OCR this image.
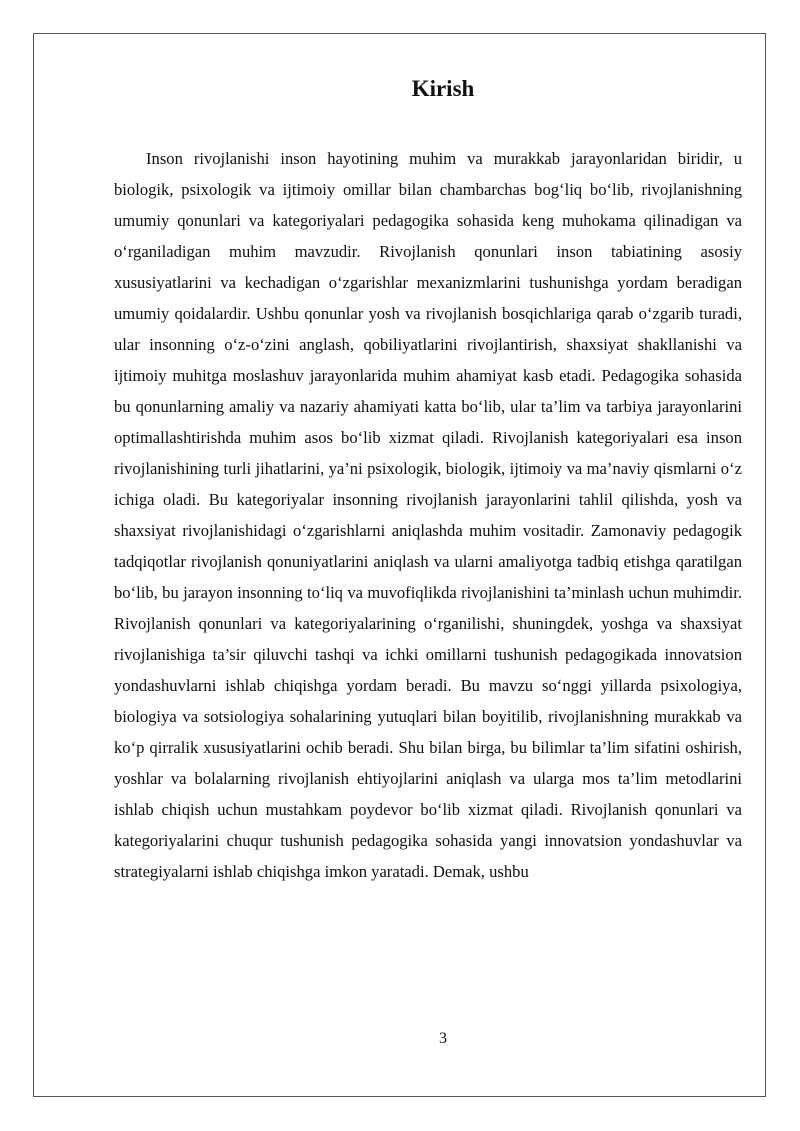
Kirish

Inson rivojlanishi inson hayotining muhim va murakkab jarayonlaridan biridir, u biologik, psixologik va ijtimoiy omillar bilan chambarchas bog‘liq bo‘lib, rivojlanishning umumiy qonunlari va kategoriyalari pedagogika sohasida keng muhokama qilinadigan va o‘rganiladigan muhim mavzudir. Rivojlanish qonunlari inson tabiatining asosiy xususiyatlarini va kechadigan o‘zgarishlar mexanizmlarini tushunishga yordam beradigan umumiy qoidalardir. Ushbu qonunlar yosh va rivojlanish bosqichlariga qarab o‘zgarib turadi, ular insonning o‘z-o‘zini anglash, qobiliyatlarini rivojlantirish, shaxsiyat shakllanishi va ijtimoiy muhitga moslashuv jarayonlarida muhim ahamiyat kasb etadi. Pedagogika sohasida bu qonunlarning amaliy va nazariy ahamiyati katta bo‘lib, ular ta’lim va tarbiya jarayonlarini optimallashtirishda muhim asos bo‘lib xizmat qiladi. Rivojlanish kategoriyalari esa inson rivojlanishining turli jihatlarini, ya’ni psixologik, biologik, ijtimoiy va ma’naviy qismlarni o‘z ichiga oladi. Bu kategoriyalar insonning rivojlanish jarayonlarini tahlil qilishda, yosh va shaxsiyat rivojlanishidagi o‘zgarishlarni aniqlashda muhim vositadir. Zamonaviy pedagogik tadqiqotlar rivojlanish qonuniyatlarini aniqlash va ularni amaliyotga tadbiq etishga qaratilgan bo‘lib, bu jarayon insonning to‘liq va muvofiqlikda rivojlanishini ta’minlash uchun muhimdir. Rivojlanish qonunlari va kategoriyalarining o‘rganilishi, shuningdek, yoshga va shaxsiyat rivojlanishiga ta’sir qiluvchi tashqi va ichki omillarni tushunish pedagogikada innovatsion yondashuvlarni ishlab chiqishga yordam beradi. Bu mavzu so‘nggi yillarda psixologiya, biologiya va sotsiologiya sohalarining yutuqlari bilan boyitilib, rivojlanishning murakkab va ko‘p qirralik xususiyatlarini ochib beradi. Shu bilan birga, bu bilimlar ta’lim sifatini oshirish, yoshlar va bolalarning rivojlanish ehtiyojlarini aniqlash va ularga mos ta’lim metodlarini ishlab chiqish uchun mustahkam poydevor bo‘lib xizmat qiladi. Rivojlanish qonunlari va kategoriyalarini chuqur tushunish pedagogika sohasida yangi innovatsion yondashuvlar va strategiyalarni ishlab chiqishga imkon yaratadi. Demak, ushbu

3
